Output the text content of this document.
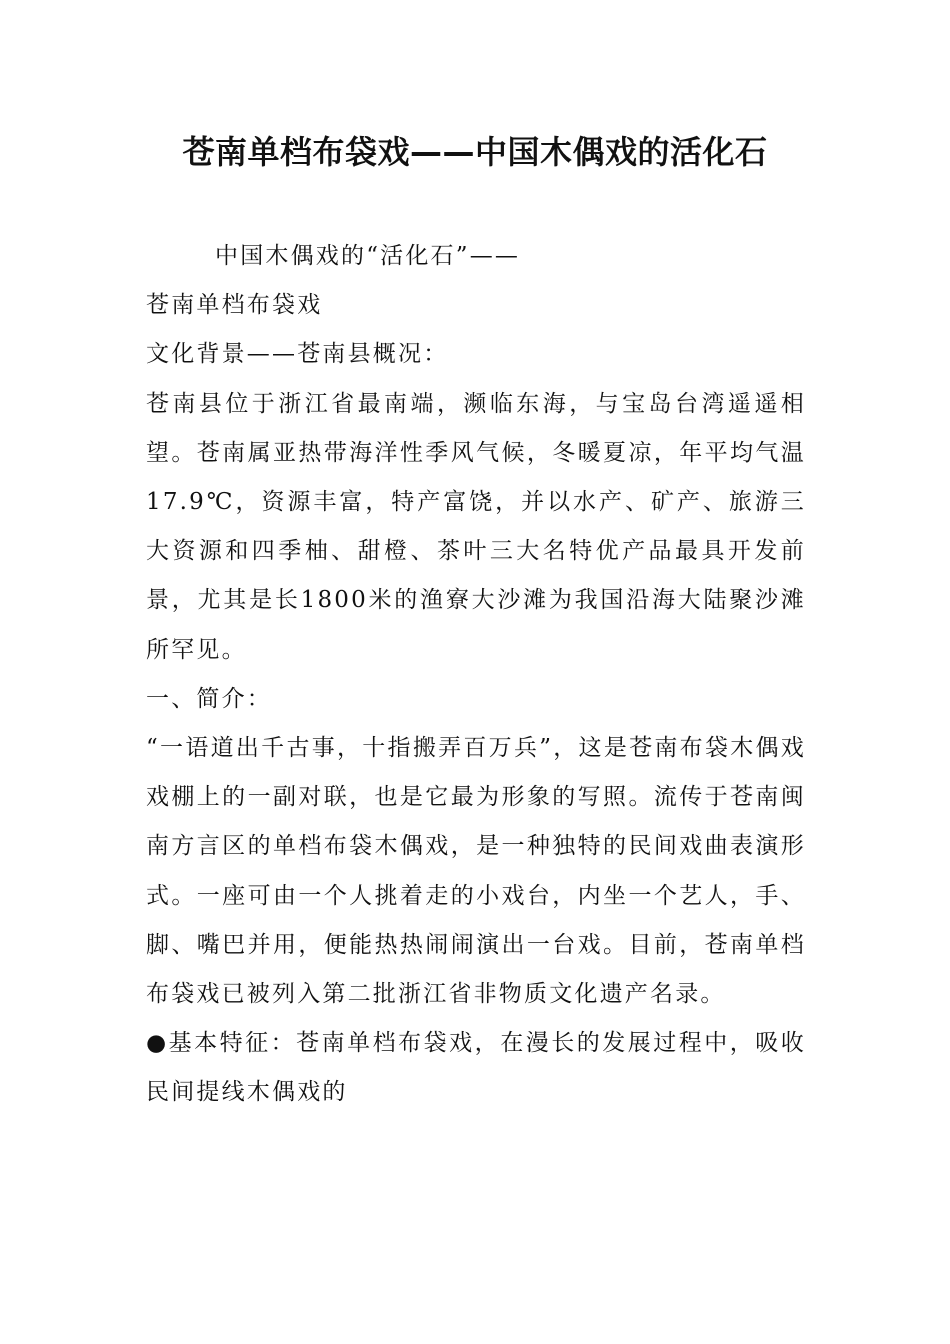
苍南单档布袋戏——中国木偶戏的活化石

中国木偶戏的“活化石”——

苍南单档布袋戏

文化背景——苍南县概况：

苍南县位于浙江省最南端，濒临东海，与宝岛台湾遥遥相望。苍南属亚热带海洋性季风气候，冬暖夏凉，年平均气温17.9℃，资源丰富，特产富饶，并以水产、矿产、旅游三大资源和四季柚、甜橙、茶叶三大名特优产品最具开发前景，尤其是长1800米的渔寮大沙滩为我国沿海大陆聚沙滩所罕见。

一、简介：

“一语道出千古事，十指搬弄百万兵”，这是苍南布袋木偶戏戏棚上的一副对联，也是它最为形象的写照。流传于苍南闽南方言区的单档布袋木偶戏，是一种独特的民间戏曲表演形式。一座可由一个人挑着走的小戏台，内坐一个艺人，手、脚、嘴巴并用，便能热热闹闹演出一台戏。目前，苍南单档布袋戏已被列入第二批浙江省非物质文化遗产名录。

●基本特征：苍南单档布袋戏，在漫长的发展过程中，吸收民间提线木偶戏的
